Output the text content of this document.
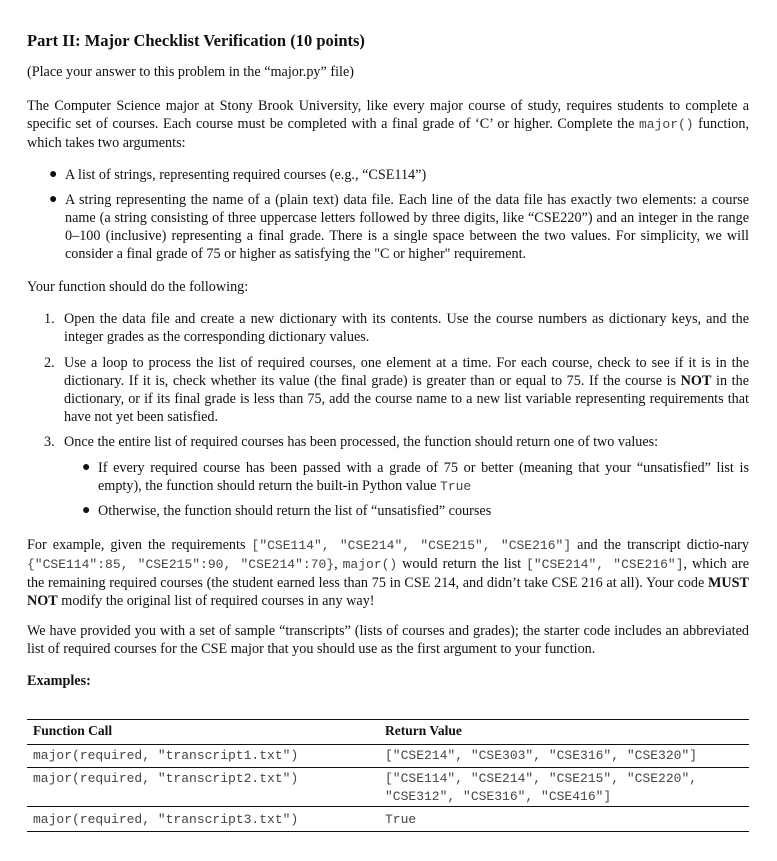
Part II: Major Checklist Verification (10 points)

(Place your answer to this problem in the “major.py” file)

The Computer Science major at Stony Brook University, like every major course of study, requires students to complete a specific set of courses. Each course must be completed with a final grade of ‘C’ or higher. Complete the major() function, which takes two arguments:

● A list of strings, representing required courses (e.g., “CSE114”)
● A string representing the name of a (plain text) data file. Each line of the data file has exactly two elements: a course name (a string consisting of three uppercase letters followed by three digits, like “CSE220”) and an integer in the range 0–100 (inclusive) representing a final grade. There is a single space between the two values. For simplicity, we will consider a final grade of 75 or higher as satisfying the "C or higher" requirement.

Your function should do the following:

1. Open the data file and create a new dictionary with its contents. Use the course numbers as dictionary keys, and the integer grades as the corresponding dictionary values.
2. Use a loop to process the list of required courses, one element at a time. For each course, check to see if it is in the dictionary. If it is, check whether its value (the final grade) is greater than or equal to 75. If the course is NOT in the dictionary, or if its final grade is less than 75, add the course name to a new list variable representing requirements that have not yet been satisfied.
3. Once the entire list of required courses has been processed, the function should return one of two values:
● If every required course has been passed with a grade of 75 or better (meaning that your “unsatisfied” list is empty), the function should return the built-in Python value True
● Otherwise, the function should return the list of “unsatisfied” courses

For example, given the requirements ["CSE114", "CSE214", "CSE215", "CSE216"] and the transcript dictio-nary {"CSE114":85, "CSE215":90, "CSE214":70}, major() would return the list ["CSE214", "CSE216"], which are the remaining required courses (the student earned less than 75 in CSE 214, and didn’t take CSE 216 at all). Your code MUST NOT modify the original list of required courses in any way!

We have provided you with a set of sample “transcripts” (lists of courses and grades); the starter code includes an abbreviated list of required courses for the CSE major that you should use as the first argument to your function.

Examples:

Function Call	Return Value
major(required, "transcript1.txt")	["CSE214", "CSE303", "CSE316", "CSE320"]
major(required, "transcript2.txt")	["CSE114", "CSE214", "CSE215", "CSE220", "CSE312", "CSE316", "CSE416"]
major(required, "transcript3.txt")	True
